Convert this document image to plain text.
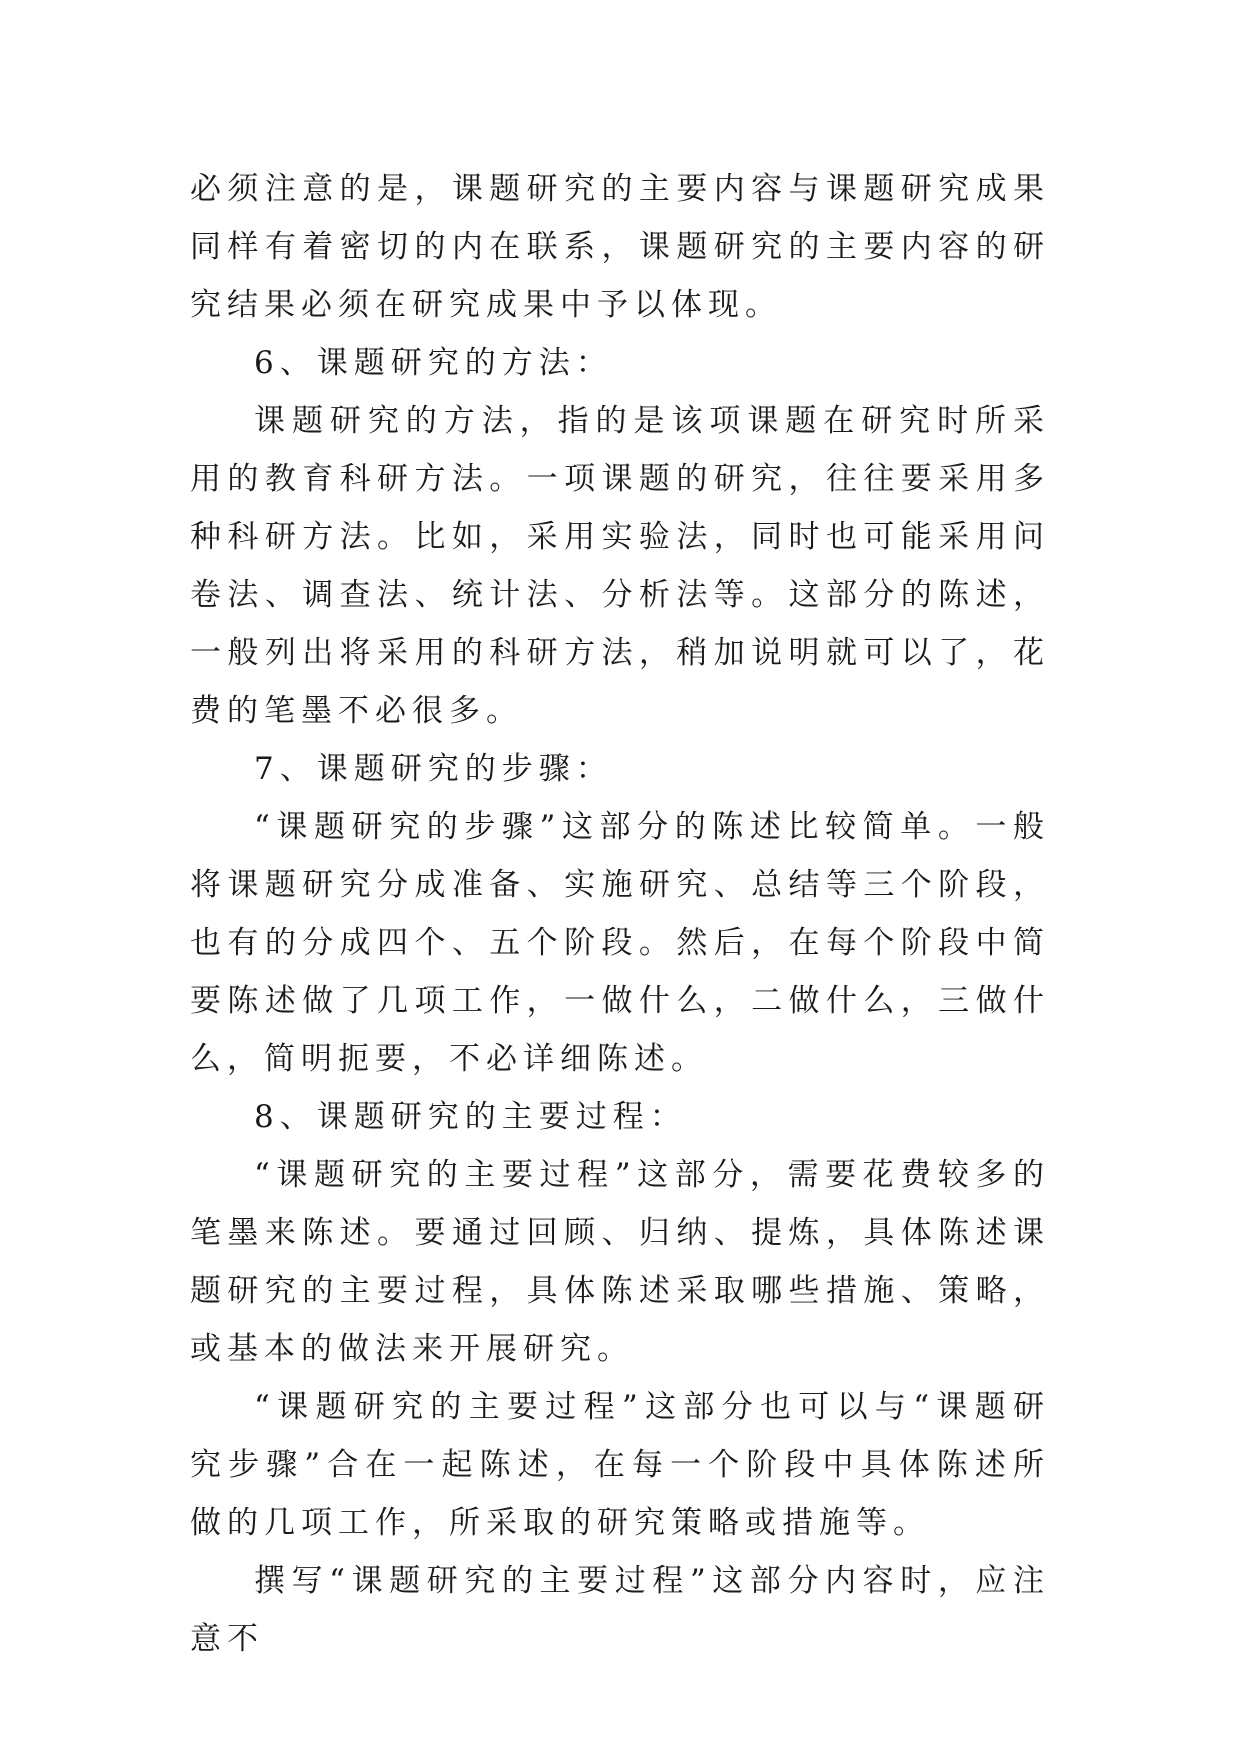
必须注意的是，课题研究的主要内容与课题研究成果同样有着密切的内在联系，课题研究的主要内容的研究结果必须在研究成果中予以体现。

6、课题研究的方法：

课题研究的方法，指的是该项课题在研究时所采用的教育科研方法。一项课题的研究，往往要采用多种科研方法。比如，采用实验法，同时也可能采用问卷法、调查法、统计法、分析法等。这部分的陈述，一般列出将采用的科研方法，稍加说明就可以了，花费的笔墨不必很多。

7、课题研究的步骤：

“课题研究的步骤”这部分的陈述比较简单。一般将课题研究分成准备、实施研究、总结等三个阶段，也有的分成四个、五个阶段。然后，在每个阶段中简要陈述做了几项工作，一做什么，二做什么，三做什么，简明扼要，不必详细陈述。

8、课题研究的主要过程：

“课题研究的主要过程”这部分，需要花费较多的笔墨来陈述。要通过回顾、归纳、提炼，具体陈述课题研究的主要过程，具体陈述采取哪些措施、策略，或基本的做法来开展研究。

“课题研究的主要过程”这部分也可以与“课题研究步骤”合在一起陈述，在每一个阶段中具体陈述所做的几项工作，所采取的研究策略或措施等。

撰写“课题研究的主要过程”这部分内容时，应注意不
